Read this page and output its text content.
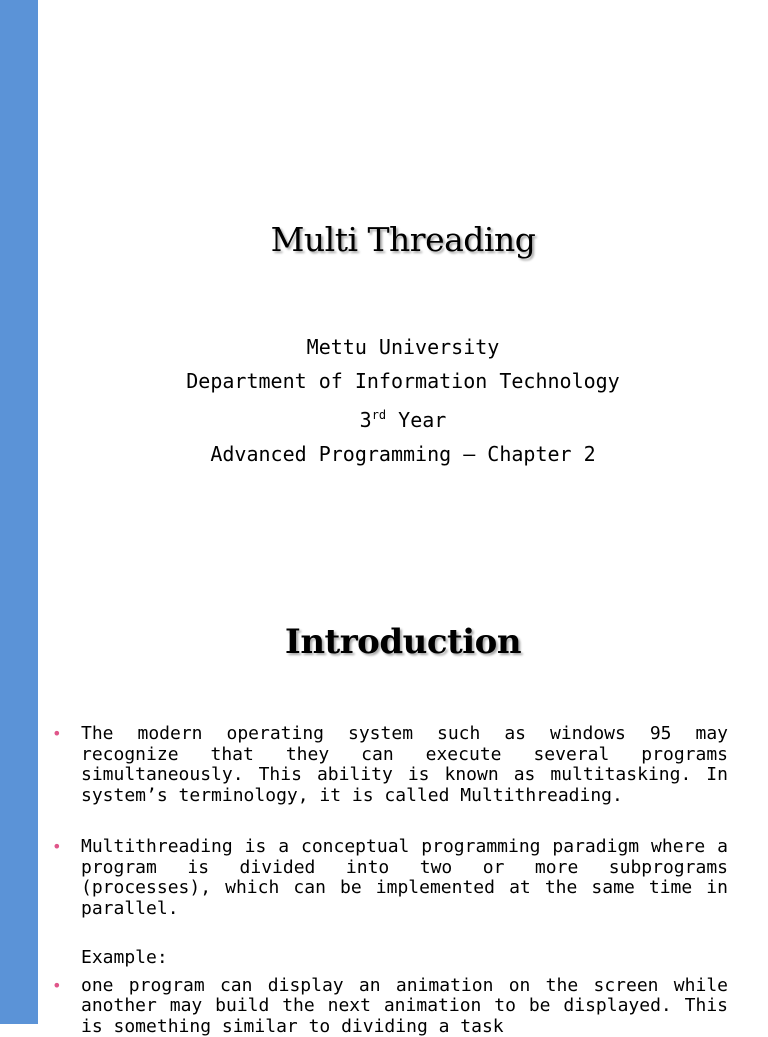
Multi Threading
Mettu University
Department of Information Technology
3rd Year
Advanced Programming – Chapter 2
Introduction
• The modern operating system such as windows 95 may recognize that they can execute several programs simultaneously. This ability is known as multitasking. In system’s terminology, it is called Multithreading.
• Multithreading is a conceptual programming paradigm where a program is divided into two or more subprograms (processes), which can be implemented at the same time in parallel.
Example:
• one program can display an animation on the screen while another may build the next animation to be displayed. This is something similar to dividing a task
